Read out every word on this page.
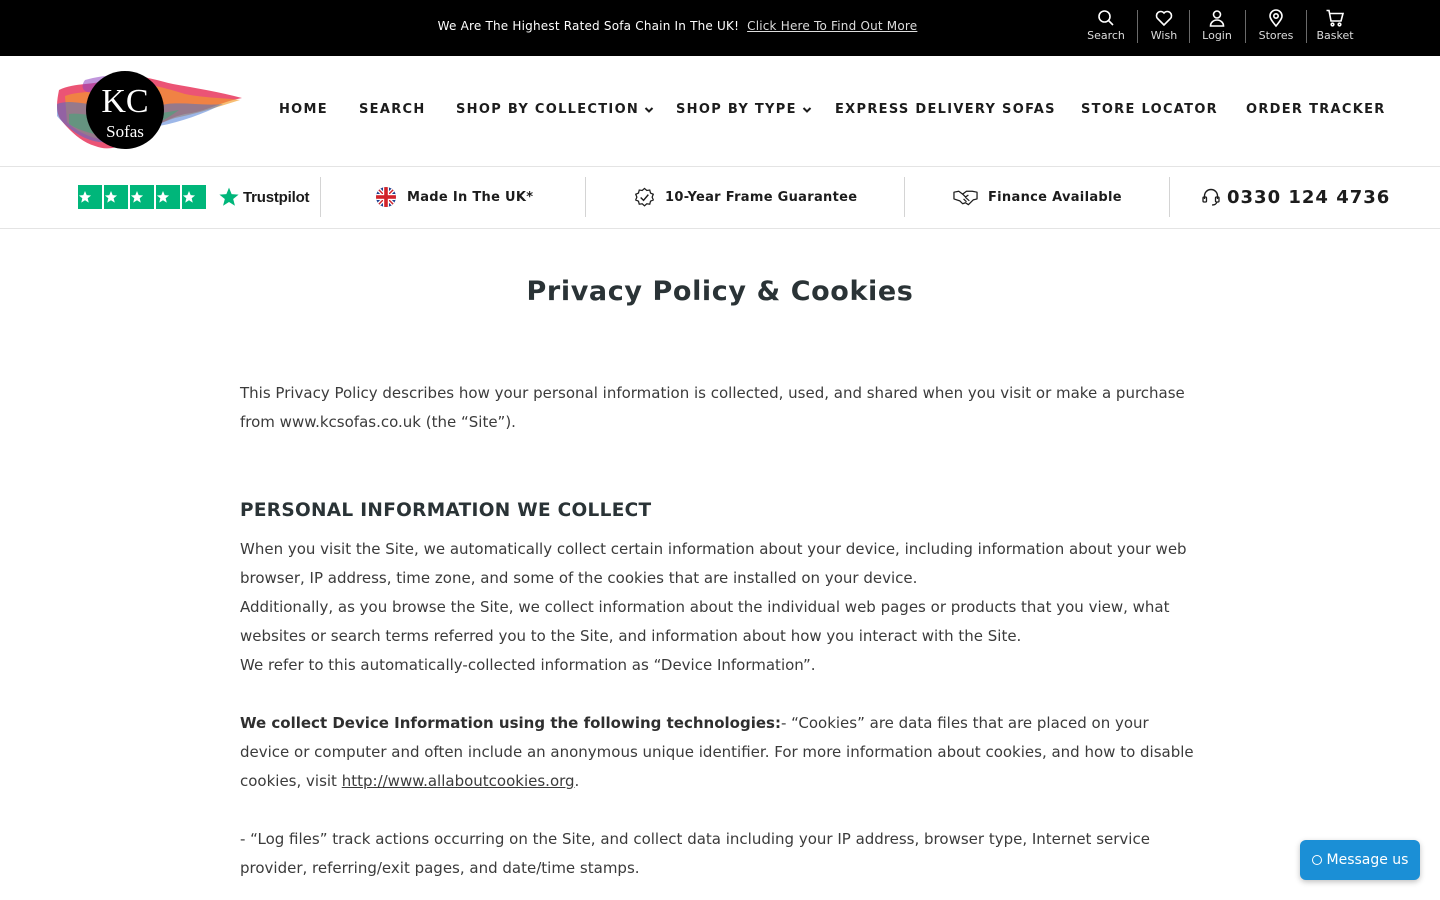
We Are The Highest Rated Sofa Chain In The UK! Click Here To Find Out More
Search Wish Login Stores Basket
KC
Sofas
HOME SEARCH SHOP BY COLLECTION	SHOP BY TYPE	EXPRESS DELIVERY SOFAS STORE LOCATOR ORDER TRACKER
Trustpilot	Made In The UK*	10-Year Frame Guarantee	Finance Available	0330 124 4736
Privacy Policy & Cookies

This Privacy Policy describes how your personal information is collected, used, and shared when you visit or make a purchase from www.kcsofas.co.uk (the “Site”).

PERSONAL INFORMATION WE COLLECT

When you visit the Site, we automatically collect certain information about your device, including information about your web browser, IP address, time zone, and some of the cookies that are installed on your device.

Additionally, as you browse the Site, we collect information about the individual web pages or products that you view, what websites or search terms referred you to the Site, and information about how you interact with the Site.

We refer to this automatically-collected information as “Device Information”.

We collect Device Information using the following technologies:- “Cookies” are data files that are placed on your device or computer and often include an anonymous unique identifier. For more information about cookies, and how to disable cookies, visit http://www.allaboutcookies.org.

- “Log files” track actions occurring on the Site, and collect data including your IP address, browser type, Internet service provider, referring/exit pages, and date/time stamps.	Message us
